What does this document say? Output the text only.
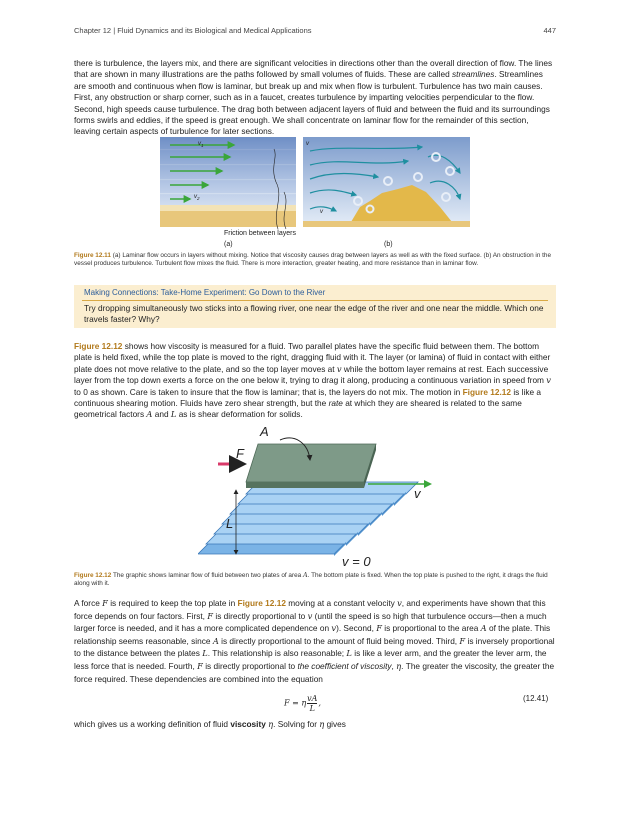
Chapter 12 | Fluid Dynamics and its Biological and Medical Applications	447

there is turbulence, the layers mix, and there are significant velocities in directions other than the overall direction of flow. The lines that are shown in many illustrations are the paths followed by small volumes of fluids. These are called streamlines. Streamlines are smooth and continuous when flow is laminar, but break up and mix when flow is turbulent. Turbulence has two main causes. First, any obstruction or sharp corner, such as in a faucet, creates turbulence by imparting velocities perpendicular to the flow. Second, high speeds cause turbulence. The drag both between adjacent layers of fluid and between the fluid and its surroundings forms swirls and eddies, if the speed is great enough. We shall concentrate on laminar flow for the remainder of this section, leaving certain aspects of turbulence for later sections.

$v_1$
$v_2$
Friction between layers
(a)
v
v
(b)
Figure 12.11 (a) Laminar flow occurs in layers without mixing. Notice that viscosity causes drag between layers as well as with the fixed surface. (b) An obstruction in the vessel produces turbulence. Turbulent flow mixes the fluid. There is more interaction, greater heating, and more resistance than in laminar flow.
Making Connections: Take-Home Experiment: Go Down to the River
Try dropping simultaneously two sticks into a flowing river, one near the edge of the river and one near the middle. Which one travels faster? Why?

Figure 12.12 shows how viscosity is measured for a fluid. Two parallel plates have the specific fluid between them. The bottom plate is held fixed, while the top plate is moved to the right, dragging fluid with it. The layer (or lamina) of fluid in contact with either plate does not move relative to the plate, and so the top layer moves at v while the bottom layer remains at rest. Each successive layer from the top down exerts a force on the one below it, trying to drag it along, producing a continuous variation in speed from v to 0 as shown. Care is taken to insure that the flow is laminar; that is, the layers do not mix. The motion in Figure 12.12 is like a continuous shearing motion. Fluids have zero shear strength, but the rate at which they are sheared is related to the same geometrical factors A and L as is shear deformation for solids.

A
F
v
L
v = 0
Figure 12.12 The graphic shows laminar flow of fluid between two plates of area A. The bottom plate is fixed. When the top plate is pushed to the right, it drags the fluid along with it.

A force F is required to keep the top plate in Figure 12.12 moving at a constant velocity v, and experiments have shown that this force depends on four factors. First, F is directly proportional to v (until the speed is so high that turbulence occurs—then a much larger force is needed, and it has a more complicated dependence on v). Second, F is proportional to the area A of the plate. This relationship seems reasonable, since A is directly proportional to the amount of fluid being moved. Third, F is inversely proportional to the distance between the plates L. This relationship is also reasonable; L is like a lever arm, and the greater the lever arm, the less force that is needed. Fourth, F is directly proportional to the coefficient of viscosity, η. The greater the viscosity, the greater the force required. These dependencies are combined into the equation

F = η $\frac{vA}{L}$ ,	(12.41)

which gives us a working definition of fluid viscosity η. Solving for η gives
